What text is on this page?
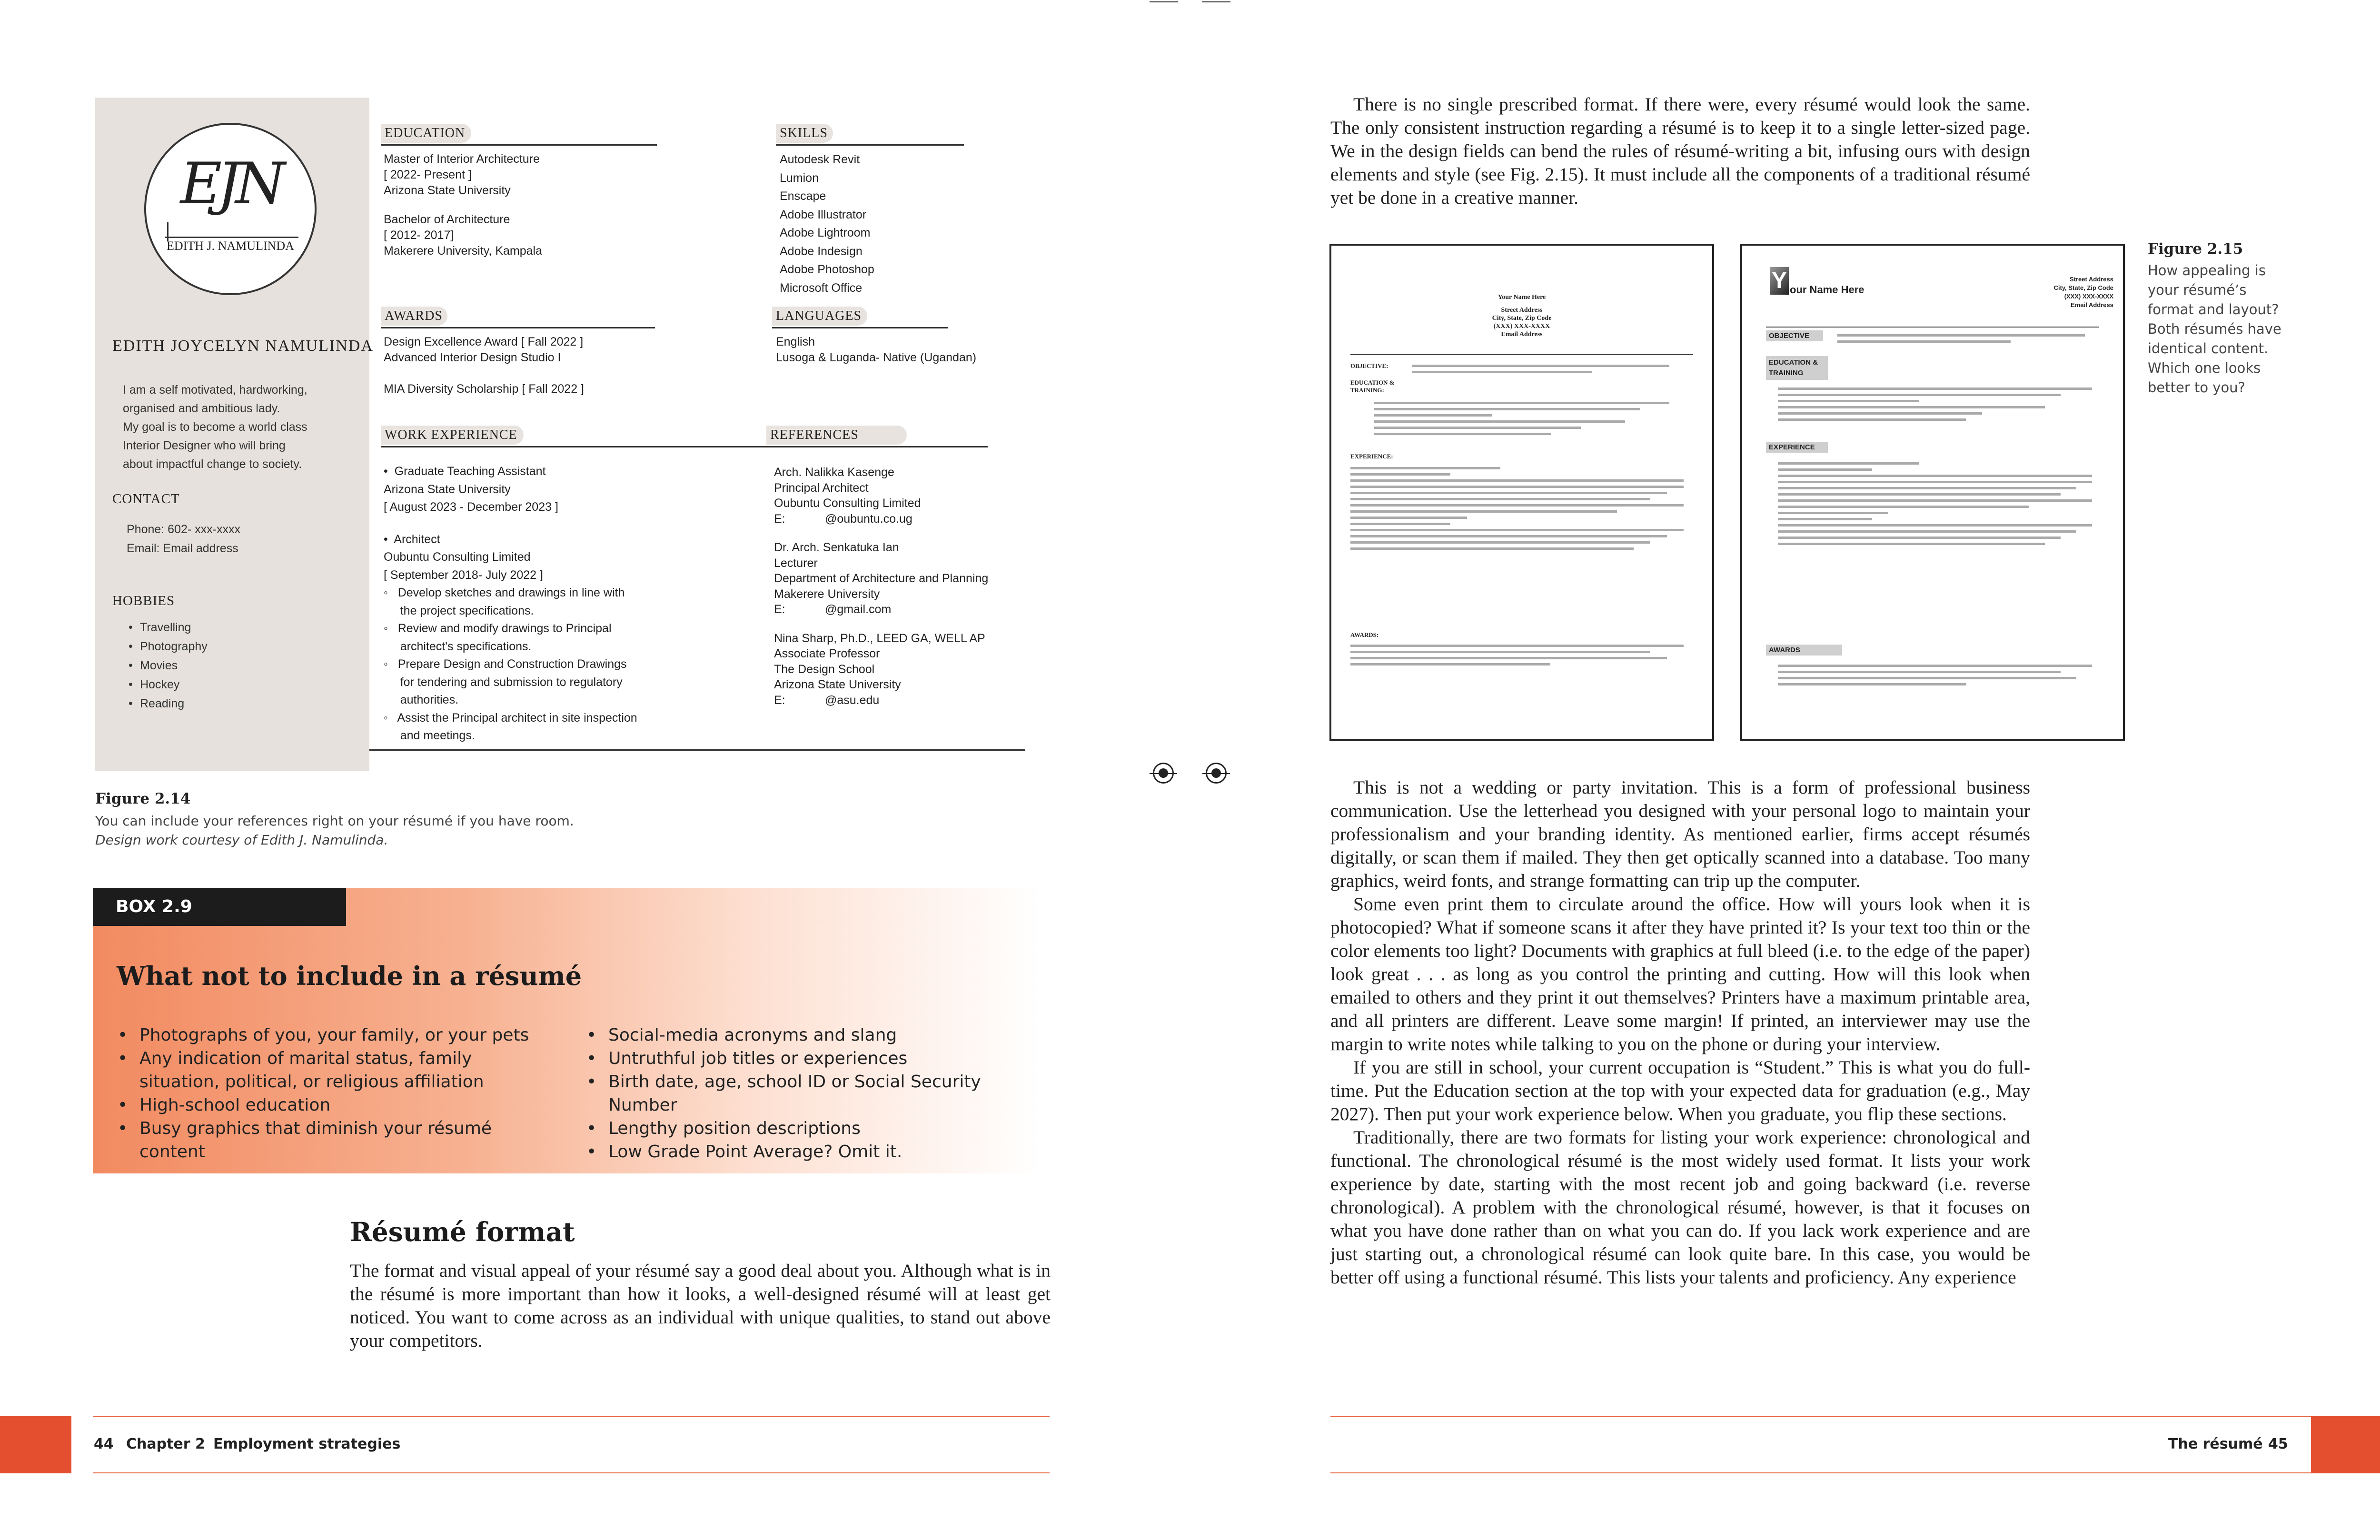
EJN
EDITH J. NAMULINDA
EDITH JOYCELYN NAMULINDA
I am a self motivated, hardworking,
organised and ambitious lady.
My goal is to become a world class
Interior Designer who will bring
about impactful change to society.
CONTACT
Phone: 602- xxx-xxxx
Email: Email address
HOBBIES
• Travelling
• Photography
• Movies
• Hockey
• Reading
EDUCATION
Master of Interior Architecture
[ 2022- Present ]
Arizona State University
Bachelor of Architecture
[ 2012- 2017]
Makerere University, Kampala
SKILLS
Autodesk Revit
Lumion
Enscape
Adobe Illustrator
Adobe Lightroom
Adobe Indesign
Adobe Photoshop
Microsoft Office
AWARDS
Design Excellence Award [ Fall 2022 ]
Advanced Interior Design Studio I
MIA Diversity Scholarship [ Fall 2022 ]
LANGUAGES
English
Lusoga & Luganda- Native (Ugandan)
WORK EXPERIENCE
•  Graduate Teaching Assistant
Arizona State University
[ August 2023 - December 2023 ]
•  Architect
Oubuntu Consulting Limited
[ September 2018- July 2022 ]
◦   Develop sketches and drawings in line with
the project specifications.
◦   Review and modify drawings to Principal
architect's specifications.
◦   Prepare Design and Construction Drawings
for tendering and submission to regulatory
authorities.
◦   Assist the Principal architect in site inspection
and meetings.
REFERENCES
Arch. Nalikka Kasenge
Principal Architect
Oubuntu Consulting Limited
E:            @oubuntu.co.ug
Dr. Arch. Senkatuka Ian
Lecturer
Department of Architecture and Planning
Makerere University
E:            @gmail.com
Nina Sharp, Ph.D., LEED GA, WELL AP
Associate Professor
The Design School
Arizona State University
E:            @asu.edu
Figure 2.14
You can include your references right on your résumé if you have room.
Design work courtesy of Edith J. Namulinda.
BOX 2.9
What not to include in a résumé
• Photographs of you, your family, or your pets
• Any indication of marital status, family situation, political, or religious affiliation
• High-school education
• Busy graphics that diminish your résumé content
• Social-media acronyms and slang
• Untruthful job titles or experiences
• Birth date, age, school ID or Social Security Number
• Lengthy position descriptions
• Low Grade Point Average? Omit it.
Résumé format

The format and visual appeal of your résumé say a good deal about you. Although what is in the résumé is more important than how it looks, a well-designed résumé will at least get noticed. You want to come across as an individual with unique qualities, to stand out above your competitors.

44 Chapter 2 Employment strategies

There is no single prescribed format. If there were, every résumé would look the same. The only consistent instruction regarding a résumé is to keep it to a single letter-sized page. We in the design fields can bend the rules of résumé-writing a bit, infusing ours with design elements and style (see Fig. 2.15). It must include all the components of a traditional résumé yet be done in a creative manner.

Your Name Here
Street Address
City, State, Zip Code
(XXX) XXX-XXXX
Email Address
OBJECTIVE:
EDUCATION & TRAINING:
EXPERIENCE:
AWARDS:
Y our Name Here
Street Address
City, State, Zip Code
(XXX) XXX-XXXX
Email Address
OBJECTIVE
EDUCATION & TRAINING
EXPERIENCE
AWARDS
Figure 2.15
How appealing is your résumé’s format and layout? Both résumés have identical content. Which one looks better to you?

This is not a wedding or party invitation. This is a form of professional business communication. Use the letterhead you designed with your personal logo to maintain your professionalism and your branding identity. As mentioned earlier, firms accept résumés digitally, or scan them if mailed. They then get optically scanned into a database. Too many graphics, weird fonts, and strange formatting can trip up the computer.

Some even print them to circulate around the office. How will yours look when it is photocopied? What if someone scans it after they have printed it? Is your text too thin or the color elements too light? Documents with graphics at full bleed (i.e. to the edge of the paper) look great . . . as long as you control the printing and cutting. How will this look when emailed to others and they print it out themselves? Printers have a maximum printable area, and all printers are different. Leave some margin! If printed, an interviewer may use the margin to write notes while talking to you on the phone or during your interview.

If you are still in school, your current occupation is “Student.” This is what you do full-time. Put the Education section at the top with your expected data for graduation (e.g., May 2027). Then put your work experience below. When you graduate, you flip these sections.

Traditionally, there are two formats for listing your work experience: chronological and functional. The chronological résumé is the most widely used format. It lists your work experience by date, starting with the most recent job and going backward (i.e. reverse chronological). A problem with the chronological résumé, however, is that it focuses on what you have done rather than on what you can do. If you lack work experience and are just starting out, a chronological résumé can look quite bare. In this case, you would be better off using a functional résumé. This lists your talents and proficiency. Any experience

The résumé 45
